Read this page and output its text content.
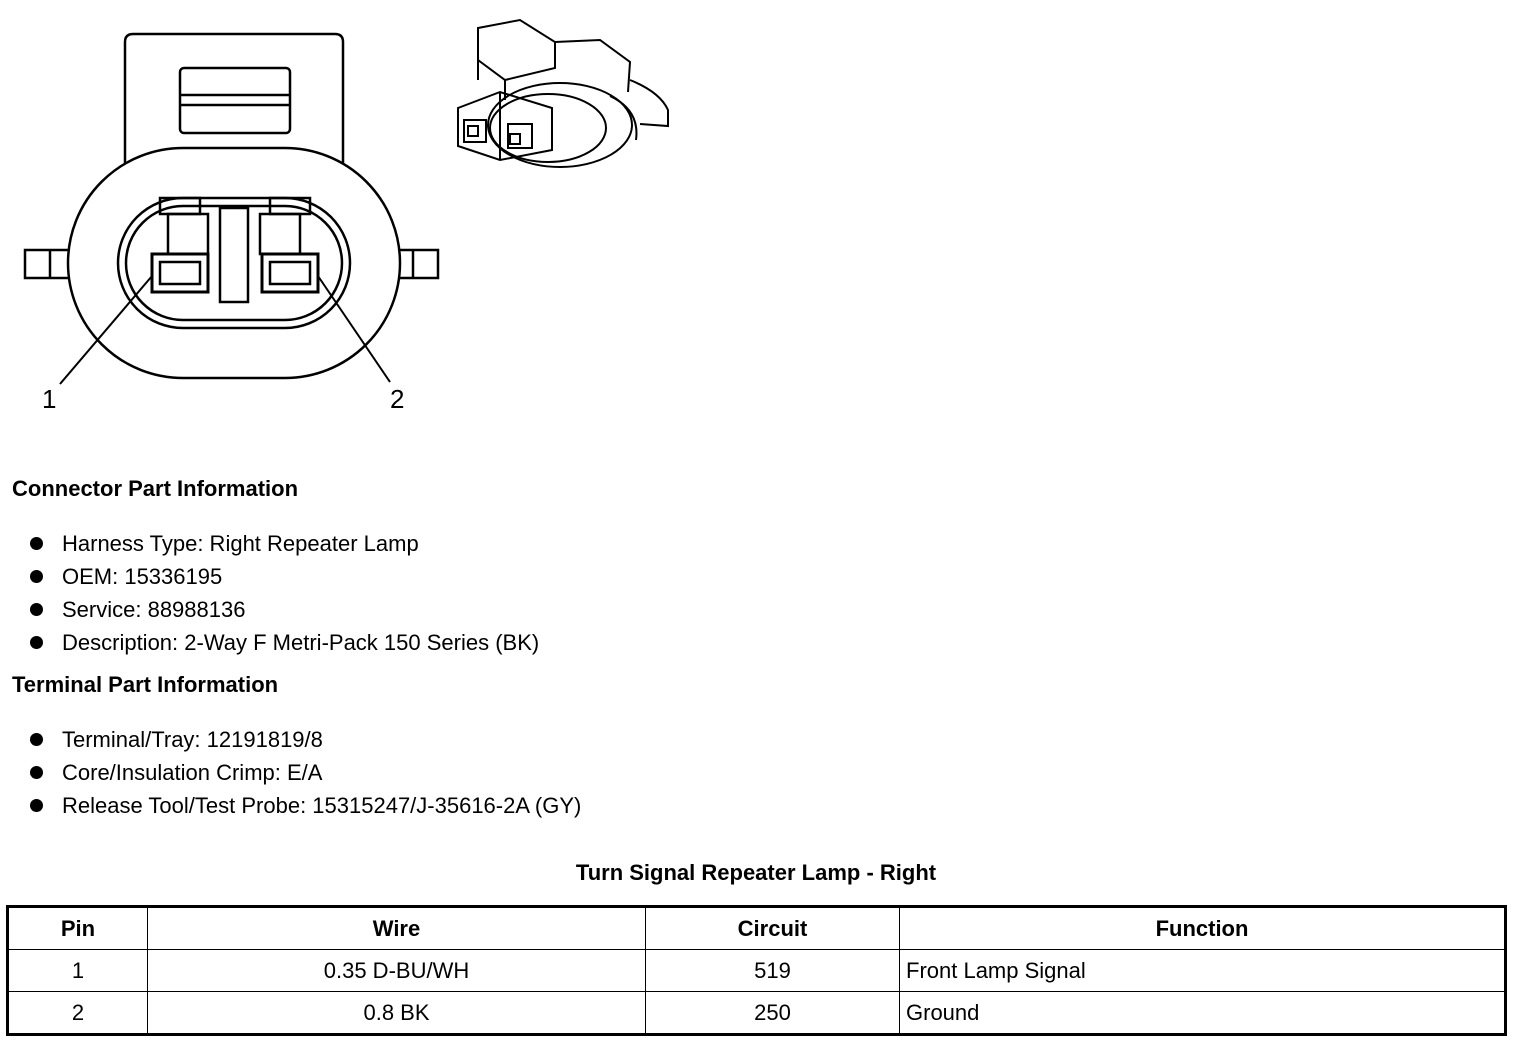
1	2
Connector Part Information
Harness Type: Right Repeater Lamp
OEM: 15336195
Service: 88988136
Description: 2-Way F Metri-Pack 150 Series (BK)
Terminal Part Information
Terminal/Tray: 12191819/8
Core/Insulation Crimp: E/A
Release Tool/Test Probe: 15315247/J-35616-2A (GY)
Turn Signal Repeater Lamp - Right
Pin	Wire	Circuit	Function
1	0.35 D-BU/WH	519	Front Lamp Signal
2	0.8 BK	250	Ground
